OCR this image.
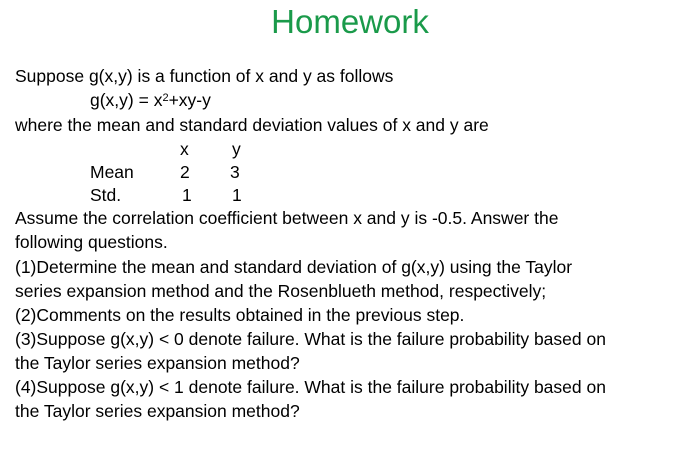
Homework
Suppose g(x,y) is a function of x and y as follows
$g(x,y) = x^2+xy-y$
where the mean and standard deviation values of x and y are
x y
Mean	2 3
Std.	1 1
Assume the correlation coefficient between x and y is -0.5. Answer the
following questions.
(1)Determine the mean and standard deviation of g(x,y) using the Taylor
series expansion method and the Rosenblueth method, respectively;
(2)Comments on the results obtained in the previous step.
(3)Suppose g(x,y) < 0 denote failure. What is the failure probability based on
the Taylor series expansion method?
(4)Suppose g(x,y) < 1 denote failure. What is the failure probability based on
the Taylor series expansion method?
